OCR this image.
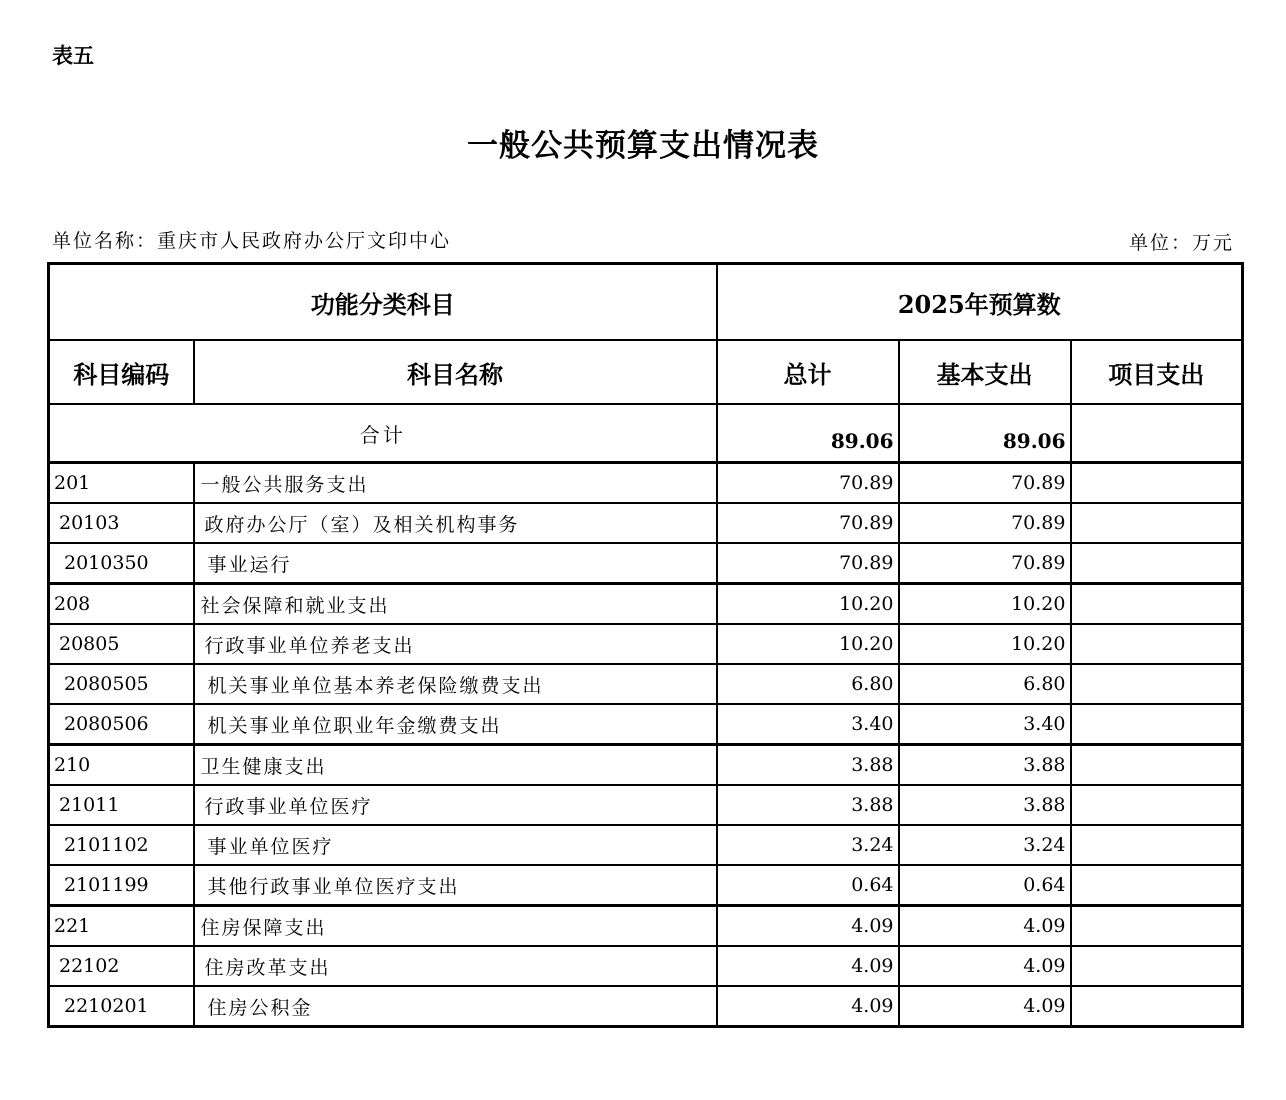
表五
一般公共预算支出情况表
单位名称：重庆市人民政府办公厅文印中心	单位：万元
功能分类科目		2025年预算数		
科目编码	科目名称	总计	基本支出	项目支出
合计		89.06	89.06	
201	一般公共服务支出	70.89	70.89	
20103	政府办公厅（室）及相关机构事务	70.89	70.89	
2010350	事业运行	70.89	70.89	
208	社会保障和就业支出	10.20	10.20	
20805	行政事业单位养老支出	10.20	10.20	
2080505	机关事业单位基本养老保险缴费支出	6.80	6.80	
2080506	机关事业单位职业年金缴费支出	3.40	3.40	
210	卫生健康支出	3.88	3.88	
21011	行政事业单位医疗	3.88	3.88	
2101102	事业单位医疗	3.24	3.24	
2101199	其他行政事业单位医疗支出	0.64	0.64	
221	住房保障支出	4.09	4.09	
22102	住房改革支出	4.09	4.09	
2210201	住房公积金	4.09	4.09	
